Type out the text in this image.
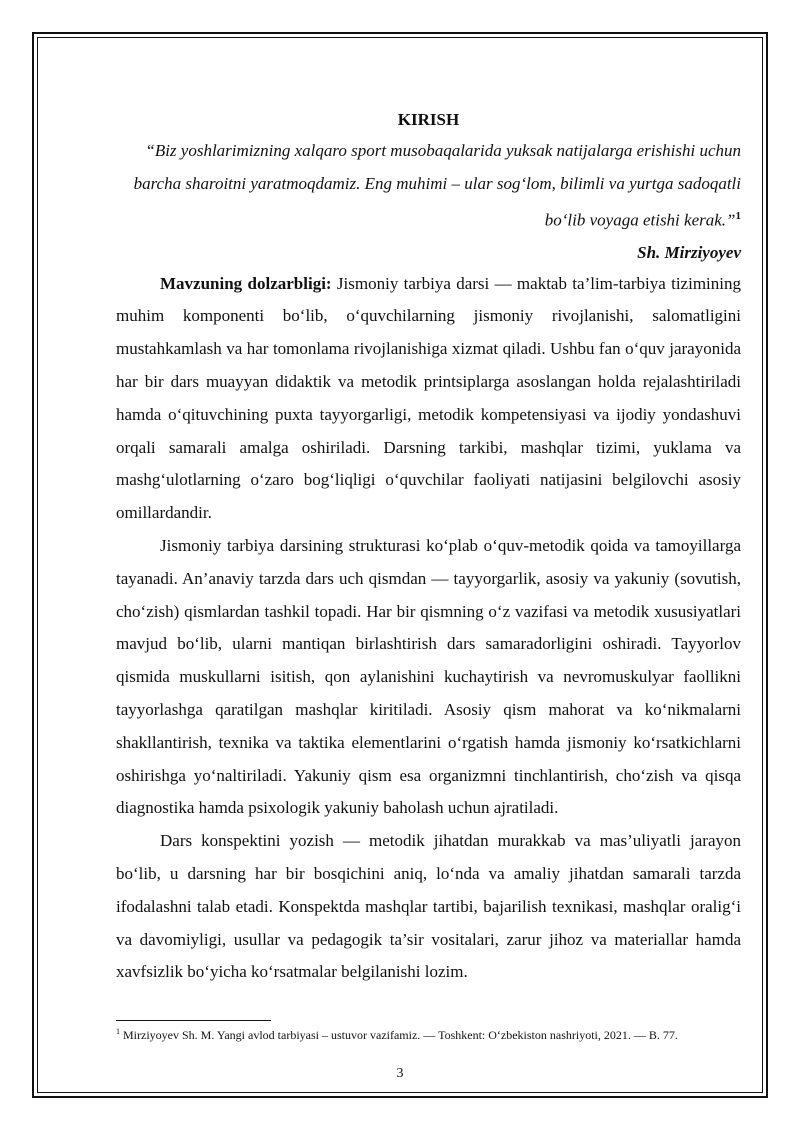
KIRISH

“Biz yoshlarimizning xalqaro sport musobaqalarida yuksak natijalarga erishishi uchun barcha sharoitni yaratmoqdamiz. Eng muhimi – ular sog‘lom, bilimli va yurtga sadoqatli bo‘lib voyaga etishi kerak.”$^1$

Sh. Mirziyoyev

Mavzuning dolzarbligi: Jismoniy tarbiya darsi — maktab ta’lim-tarbiya tizimining muhim komponenti bo‘lib, o‘quvchilarning jismoniy rivojlanishi, salomatligini mustahkamlash va har tomonlama rivojlanishiga xizmat qiladi. Ushbu fan o‘quv jarayonida har bir dars muayyan didaktik va metodik printsiplarga asoslangan holda rejalashtiriladi hamda o‘qituvchining puxta tayyorgarligi, metodik kompetensiyasi va ijodiy yondashuvi orqali samarali amalga oshiriladi. Darsning tarkibi, mashqlar tizimi, yuklama va mashg‘ulotlarning o‘zaro bog‘liqligi o‘quvchilar faoliyati natijasini belgilovchi asosiy omillardandir.

Jismoniy tarbiya darsining strukturasi ko‘plab o‘quv-metodik qoida va tamoyillarga tayanadi. An’anaviy tarzda dars uch qismdan — tayyorgarlik, asosiy va yakuniy (sovutish, cho‘zish) qismlardan tashkil topadi. Har bir qismning o‘z vazifasi va metodik xususiyatlari mavjud bo‘lib, ularni mantiqan birlashtirish dars samaradorligini oshiradi. Tayyorlov qismida muskullarni isitish, qon aylanishini kuchaytirish va nevromuskulyar faollikni tayyorlashga qaratilgan mashqlar kiritiladi. Asosiy qism mahorat va ko‘nikmalarni shakllantirish, texnika va taktika elementlarini o‘rgatish hamda jismoniy ko‘rsatkichlarni oshirishga yo‘naltiriladi. Yakuniy qism esa organizmni tinchlantirish, cho‘zish va qisqa diagnostika hamda psixologik yakuniy baholash uchun ajratiladi.

Dars konspektini yozish — metodik jihatdan murakkab va mas’uliyatli jarayon bo‘lib, u darsning har bir bosqichini aniq, lo‘nda va amaliy jihatdan samarali tarzda ifodalashni talab etadi. Konspektda mashqlar tartibi, bajarilish texnikasi, mashqlar oralig‘i va davomiyligi, usullar va pedagogik ta’sir vositalari, zarur jihoz va materiallar hamda xavfsizlik bo‘yicha ko‘rsatmalar belgilanishi lozim.

$^1$ Mirziyoyev Sh. M. Yangi avlod tarbiyasi – ustuvor vazifamiz. — Toshkent: O‘zbekiston nashriyoti, 2021. — B. 77.
3
